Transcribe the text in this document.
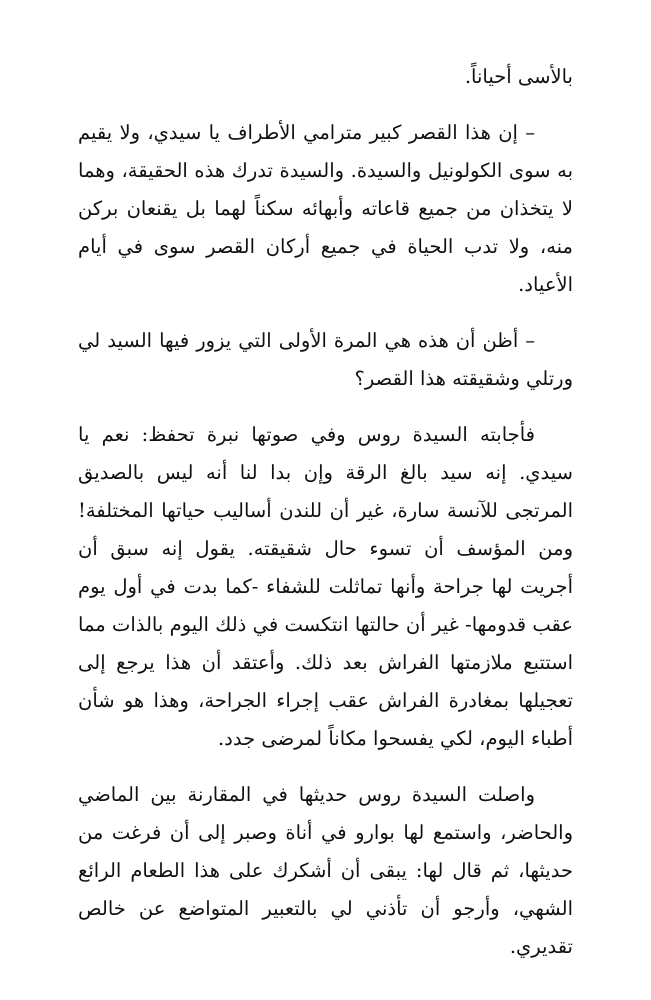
بالأسى أحياناً.

– إن هذا القصر كبير مترامي الأطراف يا سيدي، ولا يقيم به سوى الكولونيل والسيدة. والسيدة تدرك هذه الحقيقة، وهما لا يتخذان من جميع قاعاته وأبهائه سكناً لهما بل يقنعان بركن منه، ولا تدب الحياة في جميع أركان القصر سوى في أيام الأعياد.

– أظن أن هذه هي المرة الأولى التي يزور فيها السيد لي ورتلي وشقيقته هذا القصر؟

فأجابته السيدة روس وفي صوتها نبرة تحفظ: نعم يا سيدي. إنه سيد بالغ الرقة وإن بدا لنا أنه ليس بالصديق المرتجى للآنسة سارة، غير أن للندن أساليب حياتها المختلفة! ومن المؤسف أن تسوء حال شقيقته. يقول إنه سبق أن أجريت لها جراحة وأنها تماثلت للشفاء -كما بدت في أول يوم عقب قدومها- غير أن حالتها انتكست في ذلك اليوم بالذات مما استتبع ملازمتها الفراش بعد ذلك. وأعتقد أن هذا يرجع إلى تعجيلها بمغادرة الفراش عقب إجراء الجراحة، وهذا هو شأن أطباء اليوم، لكي يفسحوا مكاناً لمرضى جدد.

واصلت السيدة روس حديثها في المقارنة بين الماضي والحاضر، واستمع لها بوارو في أناة وصبر إلى أن فرغت من حديثها، ثم قال لها: يبقى أن أشكرك على هذا الطعام الرائع الشهي، وأرجو أن تأذني لي بالتعبير المتواضع عن خالص تقديري.
